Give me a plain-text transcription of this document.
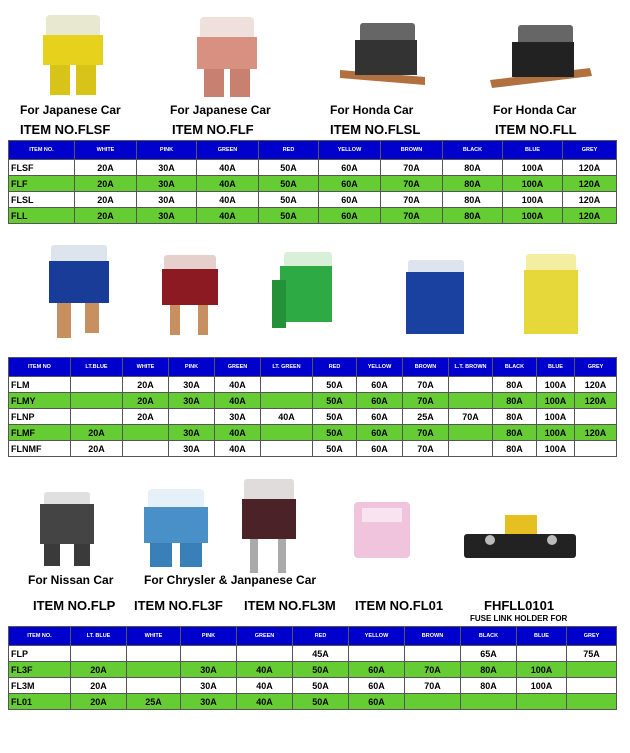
For Japanese Car	For Japanese Car	For Honda Car	For Honda Car
ITEM NO.FLSF	ITEM NO.FLF	ITEM NO.FLSL	ITEM NO.FLL
ITEM NO.	WHITE	PINK	GREEN	RED	YELLOW	BROWN	BLACK	BLUE	GREY
FLSF	20A	30A	40A	50A	60A	70A	80A	100A	120A
FLF	20A	30A	40A	50A	60A	70A	80A	100A	120A
FLSL	20A	30A	40A	50A	60A	70A	80A	100A	120A
FLL	20A	30A	40A	50A	60A	70A	80A	100A	120A
ITEM NO	LT.BLUE	WHITE	PINK	GREEN	LT. GREEN	RED	YELLOW	BROWN	L.T. BROWN	BLACK	BLUE	GREY
FLM		20A	30A	40A		50A	60A	70A		80A	100A	120A
FLMY		20A	30A	40A		50A	60A	70A		80A	100A	120A
FLNP		20A		30A	40A	50A	60A	25A	70A	80A	100A	
FLMF	20A		30A	40A		50A	60A	70A		80A	100A	120A
FLNMF	20A		30A	40A		50A	60A	70A		80A	100A	
For Nissan Car	For Chrysler & Janpanese Car
ITEM NO.FLP ITEM NO.FL3F ITEM NO.FL3M ITEM NO.FL01	FHFLL0101
FUSE LINK HOLDER FOR
ITEM NO.	LT. BLUE	WHITE	PINK	GREEN	RED	YELLOW	BROWN	BLACK	BLUE	GREY
FLP					45A			65A		75A
FL3F	20A		30A	40A	50A	60A	70A	80A	100A	
FL3M	20A		30A	40A	50A	60A	70A	80A	100A	
FL01	20A	25A	30A	40A	50A	60A				
